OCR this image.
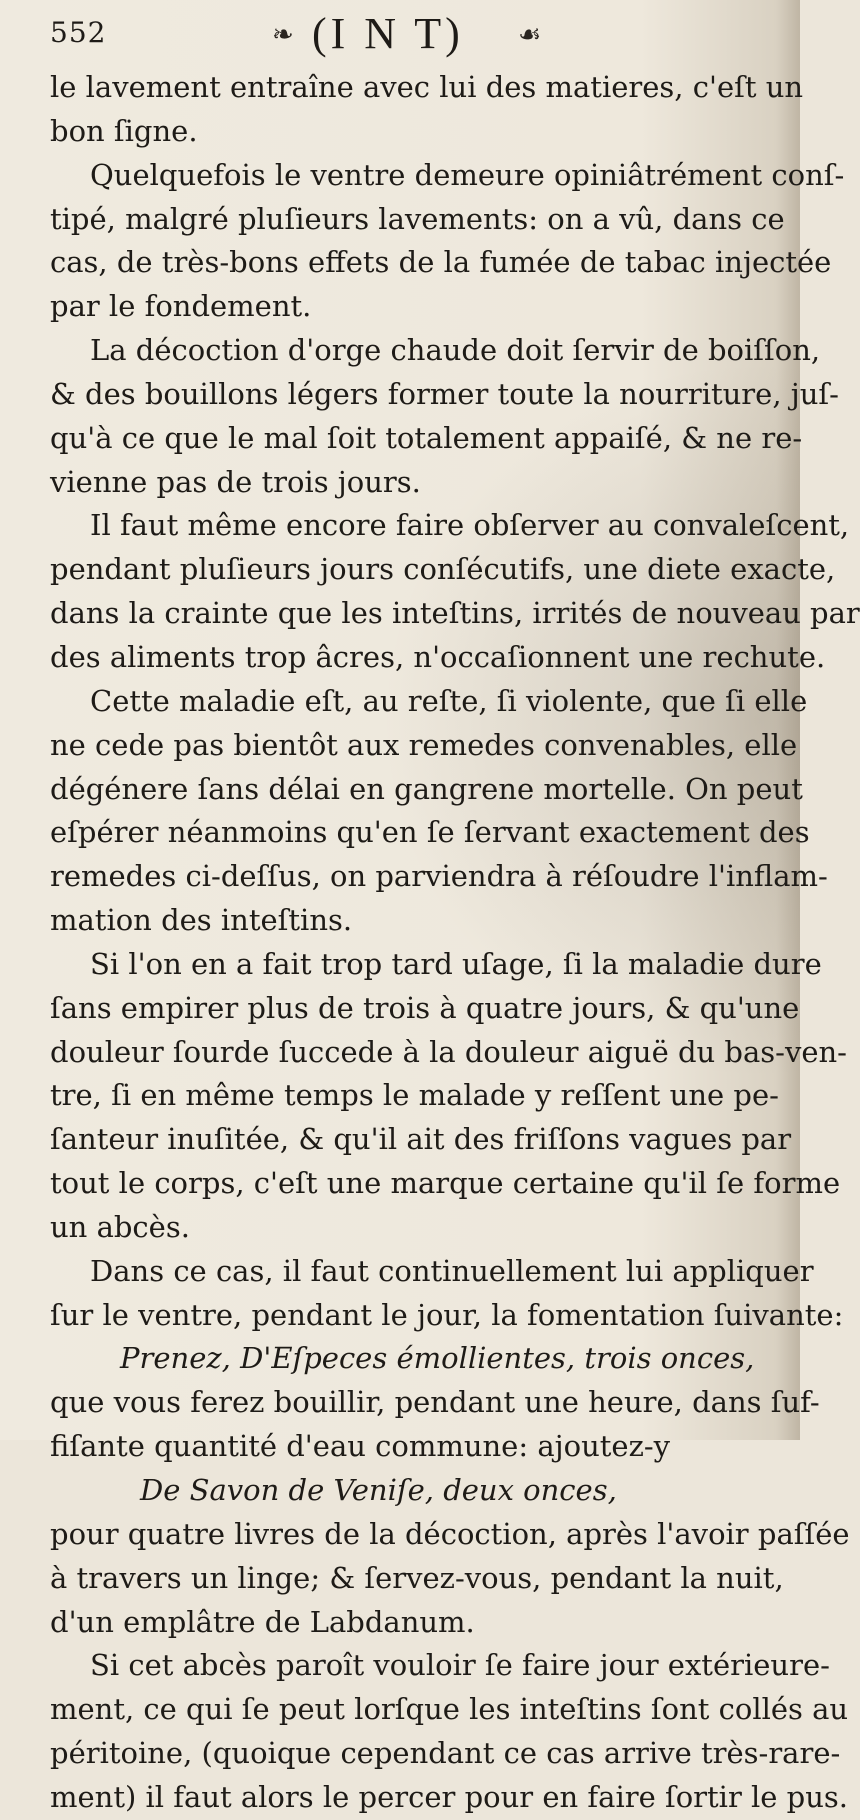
552	❧ (I N T) ☙
le lavement entraîne avec lui des matieres, c'eſt un
bon ſigne.
Quelquefois le ventre demeure opiniâtrément conſ-
tipé, malgré pluſieurs lavements: on a vû, dans ce
cas, de très-bons effets de la fumée de tabac injectée
par le fondement.
La décoction d'orge chaude doit ſervir de boiſſon,
& des bouillons légers former toute la nourriture, juſ-
qu'à ce que le mal ſoit totalement appaiſé, & ne re-
vienne pas de trois jours.
Il faut même encore faire obſerver au convaleſcent,
pendant pluſieurs jours conſécutifs, une diete exacte,
dans la crainte que les inteſtins, irrités de nouveau par
des aliments trop âcres, n'occaſionnent une rechute.
Cette maladie eſt, au reſte, ſi violente, que ſi elle
ne cede pas bientôt aux remedes convenables, elle
dégénere ſans délai en gangrene mortelle. On peut
eſpérer néanmoins qu'en ſe ſervant exactement des
remedes ci-deſſus, on parviendra à réſoudre l'inflam-
mation des inteſtins.
Si l'on en a fait trop tard uſage, ſi la maladie dure
ſans empirer plus de trois à quatre jours, & qu'une
douleur ſourde ſuccede à la douleur aiguë du bas-ven-
tre, ſi en même temps le malade y reſſent une pe-
ſanteur inuſitée, & qu'il ait des friſſons vagues par
tout le corps, c'eſt une marque certaine qu'il ſe forme
un abcès.
Dans ce cas, il faut continuellement lui appliquer
ſur le ventre, pendant le jour, la fomentation ſuivante:
Prenez, D'Eſpeces émollientes, trois onces,
que vous ferez bouillir, pendant une heure, dans ſuf-
fiſante quantité d'eau commune: ajoutez-y
De Savon de Veniſe, deux onces,
pour quatre livres de la décoction, après l'avoir paſſée
à travers un linge; & ſervez-vous, pendant la nuit,
d'un emplâtre de Labdanum.
Si cet abcès paroît vouloir ſe faire jour extérieure-
ment, ce qui ſe peut lorſque les inteſtins ſont collés au
péritoine, (quoique cependant ce cas arrive très-rare-
ment) il faut alors le percer pour en faire ſortir le pus.
